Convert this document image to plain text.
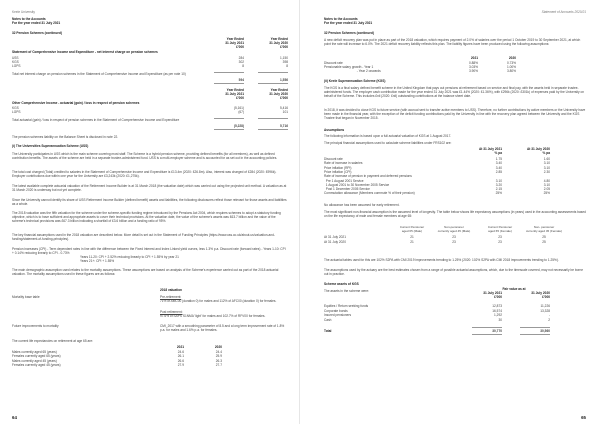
Keele University
Notes to the Accounts
For the year ended 31 July 2021
32 Pension Schemes (continued)
Year Ended
31 July 2021
£'000
Year Ended
31 July 2020
£'000
Statement of Comprehensive Income and Expenditure - net interest charge on pension schemes
USS	284	1,150
KGS	302	398
LGPS	8	8
Total net interest charge on pension schemes in the Statement of Comprehensive Income and Expenditure (as per note 10)
594	1,556
Year Ended
31 July 2021
£'000
Year Ended
31 July 2020
£'000
Other Comprehensive Income - actuarial (gain) / loss in respect of pension schemes
KGS	(5,161)	5,416
LGPS	(67)	101
Total actuarial (gain) / loss in respect of pension schemes in the Statement of Comprehensive Income and Expenditure
(5,228)	5,716
The pension schemes liability on the Balance Sheet is disclosed in note 22.
(i) The Universities Superannuation Scheme (USS)
The University participates in USS which is the main scheme covering most staff. The Scheme is a hybrid pension scheme, providing defined benefits (for all members), as well as defined contribution benefits. The assets of the scheme are held in a separate trustee-administered fund. USS is a multi-employer scheme and is accounted for as set out in the accounting policies.
The total cost charged (Total) credited to salaries in the Statement of Comprehensive Income and Expenditure is £13.4m (2020: £26.8m). Also, interest was charged of £284 (2020: £996k). Employer contributions due within one year for the University are £3,243k (2020: £1,275k).
The latest available complete actuarial valuation of the Retirement Income Builder is at 31 March 2018 (the valuation date) which was carried out using the projected unit method. A valuation as at 31 March 2020 is underway but not yet complete.
Since the University cannot identify its share of USS Retirement Income Builder (defined benefit) assets and liabilities, the following disclosures reflect those relevant for those assets and liabilities as a whole.
The 2018 valuation was the fifth valuation for the scheme under the scheme-specific funding regime introduced by the Pensions Act 2004, which requires schemes to adopt a statutory funding objective, which is to have sufficient and appropriate assets to cover their technical provisions. At the valuation date, the value of the scheme's assets was £63.7 billion and the value of the scheme's technical provisions was £67.3 billion indicating a shortfall of £3.6 billion and a funding ratio of 95%.
The key financial assumptions used in the 2018 valuation are described below. More detail is set out in the Statement of Funding Principles (https://www.uss.co.uk/about-us/valuation-and-funding/statement-of-funding-principles).
Pension increases (CPI) - Term dependent rates in line with the difference between the Fixed Interest and Index Linked yield curves, less 1.3% p.a. Discount rate (forward rates) - Years 1-10: CPI + 0.14% reducing linearly to CPI - 0.73%
Years 11-20: CPI + 2.52% reducing linearly to CPI + 1.55% by year 21
Years 21+: CPI + 1.55%
The main demographic assumption used relates to the mortality assumptions. These assumptions are based on analysis of the Scheme's experience carried out as part of the 2018 actuarial valuation. The mortality assumptions used in these figures are as follows:
2018 valuation
Mortality base table	Pre-retirement:
71% of AMC00 (duration 0) for males and 112% of AFC00 (duration 0) for females.
Post retirement:
97.6% of SAPS S1NMA 'light' for males and 102.7% of RFV00 for females.
Future improvements to mortality	CMI_2017 with a smoothing parameter of 8.5 and a long term improvement rate of 1.8% p.a. for males and 1.6% p.a. for females.
The current life expectancies on retirement at age 65 are:
2021	2020
Males currently aged 65 (years)	24.6	24.4
Females currently aged 65 (years)	26.1	25.9
Males currently aged 45 (years)	26.6	26.3
Females currently aged 45 (years)	27.9	27.7
64
Statement of Accounts 2020/21
Notes to the Accounts
For the year ended 31 July 2021
32 Pension Schemes (continued)
A new deficit recovery plan was put in place as part of the 2018 valuation, which requires payment of 2.0% of salaries over the period 1 October 2019 to 30 September 2021, at which point the rate will increase to 6.0%. The 2021 deficit recovery liability reflects this plan. The liability figures have been produced using the following assumptions:
2021	2020
Discount rate	0.88%	0.73%
Pensionable salary growth - Year 1	3.03%	1.00%
- Year 2 onwards	3.90%	3.80%
(ii) Keele Superannuation Scheme (KGS)
The KGS is a final salary defined benefit scheme in the United Kingdom that pays out pensions at retirement based on service and final pay, with the assets held in separate trustee-administered funds. The employer cash contribution made for the year ended 31 July 2021 was £1.44% (2020: £1.36%), with £296k (2020: £301k) of expenses paid by the University on behalf of the Scheme. This includes £nil (2020: £nil) outstanding contributions at the balance sheet date.
In 2018, it was decided to close KGS to future service (with accrual sent to transfer active members to USS). Therefore, no further contributions by active members or the University have been made in the financial year, with the exception of the deficit funding contributions paid by the University in line with the recovery plan agreed between the University and the KGS Trustee that began in November 2015.
Assumptions
The following information is based upon a full actuarial valuation of KGS at 1 August 2017.
The principal financial assumptions used to calculate scheme liabilities under FRS102 are:
At 31 July 2021
% pa
At 31 July 2020
% pa
Discount rate	1.75	1.60
Rate of increase in salaries	3.40	3.10
Price inflation (RPI)	3.40	3.10
Price inflation (CPI)	2.85	2.30
Rate of increase of pension in payment and deferred pensions
Pre 1 August 2001 Service	3.10	4.80
1 August 2001 to 30 November 2005 Service	3.20	3.10
Post 1 December 2005 Service	2.15	2.05
Commutation allowance (Members commute % of their pension)	25%	25%
No allowance has been assumed for early retirement.
The most significant non-financial assumption is the assumed level of longevity. The table below shows life expectancy assumptions (in years) used in the accounting assessments based on the life expectancy of male and female members at age 65:
Current Pensioner
aged 65 (Male)
Non-pensioner
currently aged 45 (Male)
Current Pensioner
aged 65 (Female)
Non- pensioner
currently aged 45 (Female)
At 31 July 2021	21	23	23	25
At 31 July 2020	21	23	23	25
The actuarial tables used for this are 102% S2PA with CMI 2019 improvements trending to 1.25% (2020: 102% S2PA with CMI 2018 improvements trending to 1.25%).
The assumptions used by the actuary are the best estimates chosen from a range of possible actuarial assumptions, which, due to the timescale covered, may not necessarily be borne out in practice.
Scheme assets of KGS
The assets in the scheme were:	Fair value as at
31 July 2021
£'000
31 July 2020
£'000
Equities / Return seeking funds	12,873	11,226
Corporate bonds	16,574	13,328
Insured pensioners	1,292	-
Cash	30	2
Total	30,770	30,560
65
